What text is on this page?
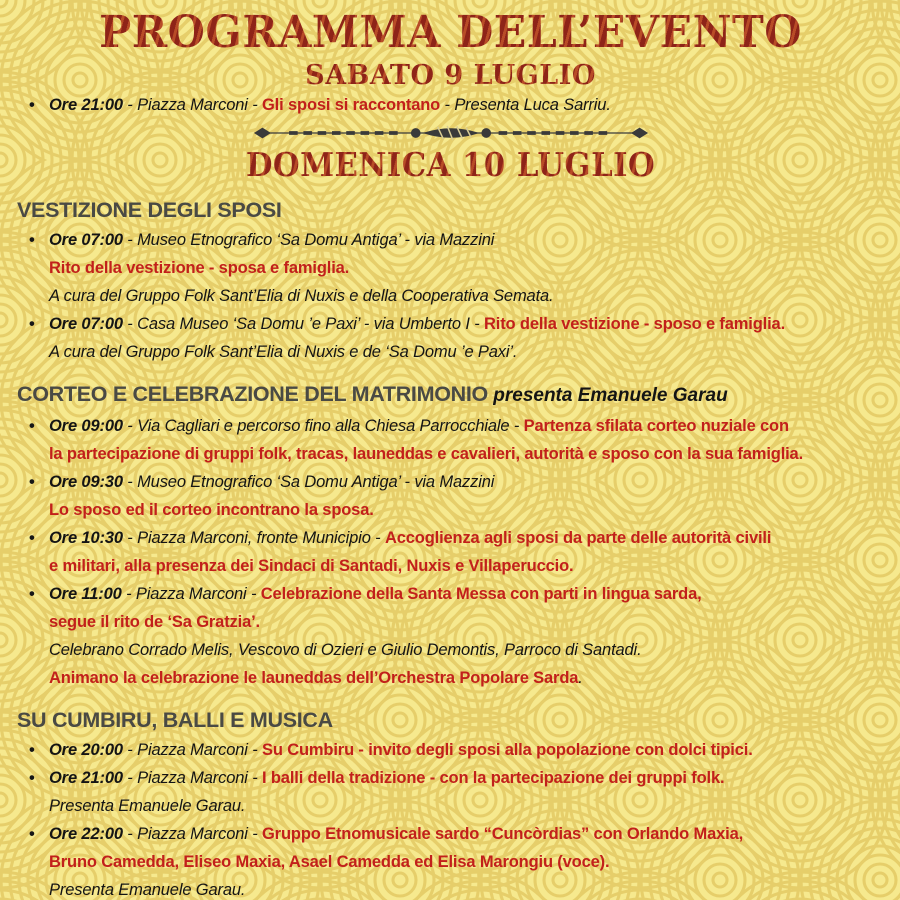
PROGRAMMA DELL’EVENTO
SABATO 9 LUGLIO
• Ore 21:00 - Piazza Marconi - Gli sposi si raccontano - Presenta Luca Sarriu.
DOMENICA 10 LUGLIO
VESTIZIONE DEGLI SPOSI
• Ore 07:00 - Museo Etnografico ‘Sa Domu Antiga’ - via Mazzini
Rito della vestizione - sposa e famiglia.
A cura del Gruppo Folk Sant’Elia di Nuxis e della Cooperativa Semata.
• Ore 07:00 - Casa Museo ‘Sa Domu ’e Paxi’ - via Umberto I - Rito della vestizione - sposo e famiglia.
A cura del Gruppo Folk Sant’Elia di Nuxis e de ‘Sa Domu ’e Paxi’.
CORTEO E CELEBRAZIONE DEL MATRIMONIO presenta Emanuele Garau
• Ore 09:00 - Via Cagliari e percorso fino alla Chiesa Parrocchiale - Partenza sfilata corteo nuziale con
la partecipazione di gruppi folk, tracas, launeddas e cavalieri, autorità e sposo con la sua famiglia.
• Ore 09:30 - Museo Etnografico ‘Sa Domu Antiga’ - via Mazzini
Lo sposo ed il corteo incontrano la sposa.
• Ore 10:30 - Piazza Marconi, fronte Municipio - Accoglienza agli sposi da parte delle autorità civili
e militari, alla presenza dei Sindaci di Santadi, Nuxis e Villaperuccio.
• Ore 11:00 - Piazza Marconi - Celebrazione della Santa Messa con parti in lingua sarda,
segue il rito de ‘Sa Gratzia’.
Celebrano Corrado Melis, Vescovo di Ozieri e Giulio Demontis, Parroco di Santadi.
Animano la celebrazione le launeddas dell’Orchestra Popolare Sarda.
SU CUMBIRU, BALLI E MUSICA
• Ore 20:00 - Piazza Marconi - Su Cumbiru - invito degli sposi alla popolazione con dolci tipici.
• Ore 21:00 - Piazza Marconi - I balli della tradizione - con la partecipazione dei gruppi folk.
Presenta Emanuele Garau.
• Ore 22:00 - Piazza Marconi - Gruppo Etnomusicale sardo “Cuncòrdias” con Orlando Maxia,
Bruno Camedda, Eliseo Maxia, Asael Camedda ed Elisa Marongiu (voce).
Presenta Emanuele Garau.
